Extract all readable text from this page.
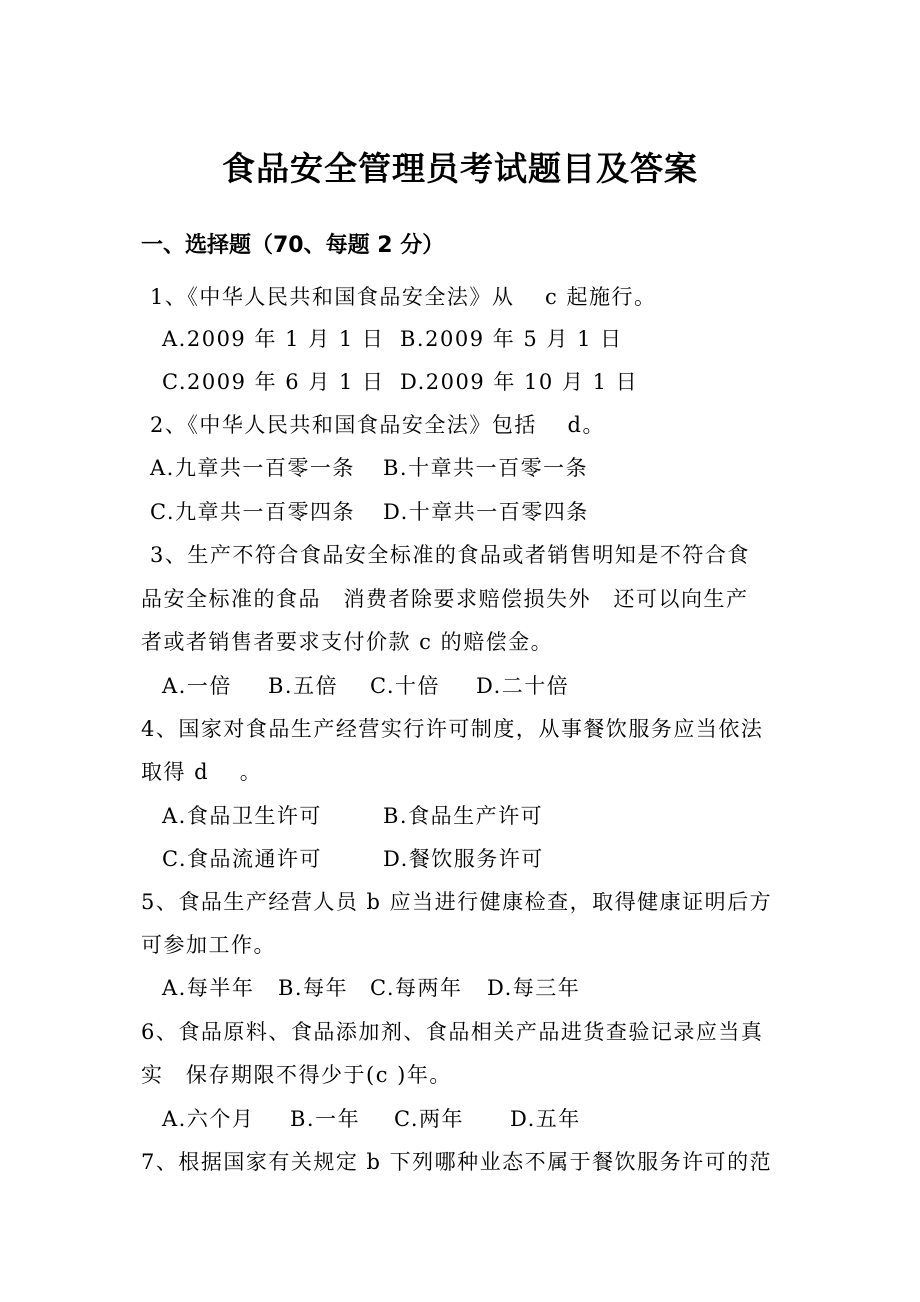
食品安全管理员考试题目及答案
一、选择题（70、每题 2 分）
1、《中华人民共和国食品安全法》从　 c 起施行。
A.2009 年 1 月 1 日 B.2009 年 5 月 1 日
C.2009 年 6 月 1 日 D.2009 年 10 月 1 日
2、《中华人民共和国食品安全法》包括　 d。
A.九章共一百零一条 B.十章共一百零一条
C.九章共一百零四条 D.十章共一百零四条
3、生产不符合食品安全标准的食品或者销售明知是不符合食
品安全标准的食品　消费者除要求赔偿损失外　还可以向生产
者或者销售者要求支付价款 c 的赔偿金。
A.一倍 B.五倍 C.十倍 D.二十倍
4、国家对食品生产经营实行许可制度，从事餐饮服务应当依法
取得 d　 。
A.食品卫生许可	B.食品生产许可
C.食品流通许可	D.餐饮服务许可
5、食品生产经营人员 b 应当进行健康检查，取得健康证明后方
可参加工作。
A.每半年 B.每年 C.每两年 D.每三年
6、食品原料、食品添加剂、食品相关产品进货查验记录应当真
实　保存期限不得少于(c )年。
A.六个月 B.一年 C.两年 D.五年
7、根据国家有关规定 b 下列哪种业态不属于餐饮服务许可的范
